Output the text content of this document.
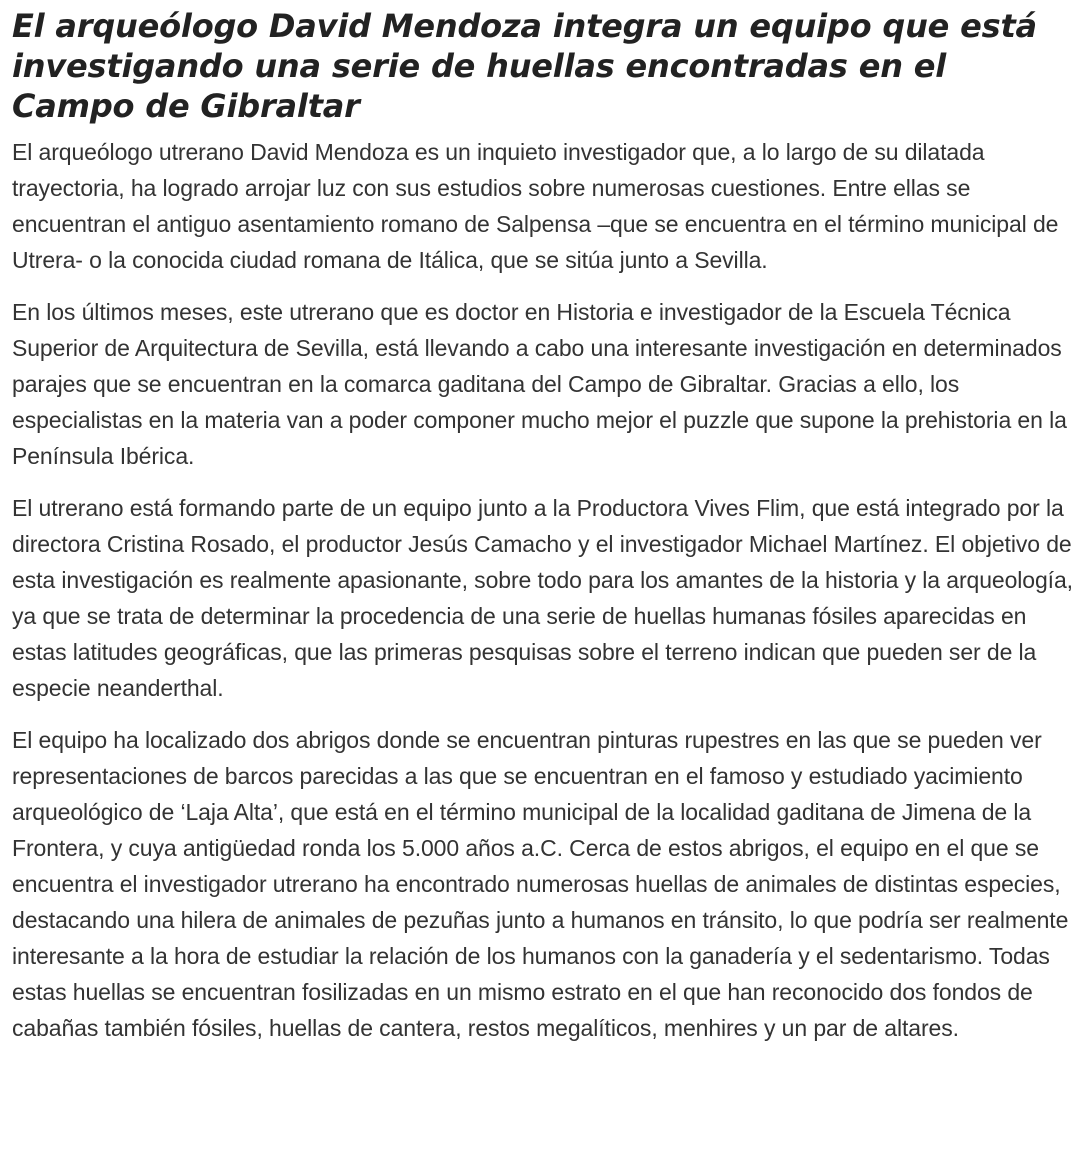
El arqueólogo David Mendoza integra un equipo que está investigando una serie de huellas encontradas en el Campo de Gibraltar

El arqueólogo utrerano David Mendoza es un inquieto investigador que, a lo largo de su dilatada trayectoria, ha logrado arrojar luz con sus estudios sobre numerosas cuestiones. Entre ellas se encuentran el antiguo asentamiento romano de Salpensa –que se encuentra en el término municipal de Utrera- o la conocida ciudad romana de Itálica, que se sitúa junto a Sevilla.

En los últimos meses, este utrerano que es doctor en Historia e investigador de la Escuela Técnica Superior de Arquitectura de Sevilla, está llevando a cabo una interesante investigación en determinados parajes que se encuentran en la comarca gaditana del Campo de Gibraltar. Gracias a ello, los especialistas en la materia van a poder componer mucho mejor el puzzle que supone la prehistoria en la Península Ibérica.

El utrerano está formando parte de un equipo junto a la Productora Vives Flim, que está integrado por la directora Cristina Rosado, el productor Jesús Camacho y el investigador Michael Martínez. El objetivo de esta investigación es realmente apasionante, sobre todo para los amantes de la historia y la arqueología, ya que se trata de determinar la procedencia de una serie de huellas humanas fósiles aparecidas en estas latitudes geográficas, que las primeras pesquisas sobre el terreno indican que pueden ser de la especie neanderthal.

El equipo ha localizado dos abrigos donde se encuentran pinturas rupestres en las que se pueden ver representaciones de barcos parecidas a las que se encuentran en el famoso y estudiado yacimiento arqueológico de ‘Laja Alta’, que está en el término municipal de la localidad gaditana de Jimena de la Frontera, y cuya antigüedad ronda los 5.000 años a.C. Cerca de estos abrigos, el equipo en el que se encuentra el investigador utrerano ha encontrado numerosas huellas de animales de distintas especies, destacando una hilera de animales de pezuñas junto a humanos en tránsito, lo que podría ser realmente interesante a la hora de estudiar la relación de los humanos con la ganadería y el sedentarismo. Todas estas huellas se encuentran fosilizadas en un mismo estrato en el que han reconocido dos fondos de cabañas también fósiles, huellas de cantera, restos megalíticos, menhires y un par de altares.
